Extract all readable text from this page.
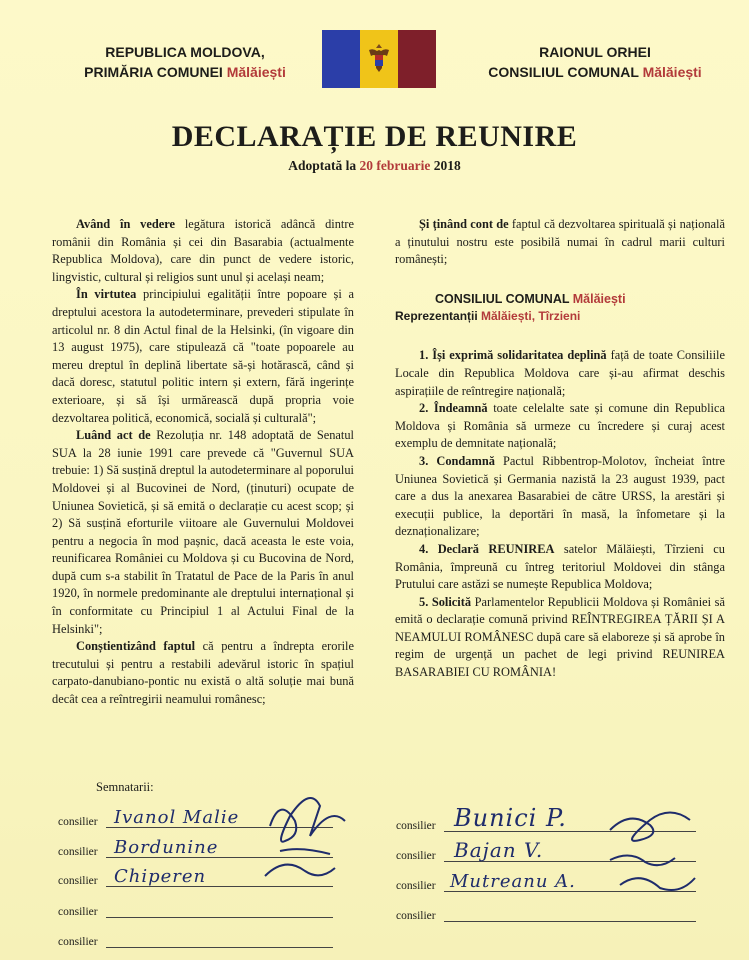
REPUBLICA MOLDOVA,
PRIMĂRIA COMUNEI Mălăiești
RAIONUL ORHEI
CONSILIUL COMUNAL Mălăiești
DECLARAȚIE DE REUNIRE
Adoptată la 20 februarie 2018

Având în vedere legătura istorică adâncă dintre românii din România și cei din Basarabia (actualmente Republica Moldova), care din punct de vedere istoric, lingvistic, cultural și religios sunt unul și același neam;

În virtutea principiului egalității între popoare și a dreptului acestora la autodeterminare, prevederi stipulate în articolul nr. 8 din Actul final de la Helsinki, (în vigoare din 13 august 1975), care stipulează că "toate popoarele au mereu dreptul în deplină libertate să-și hotărască, când și dacă doresc, statutul politic intern și extern, fără ingerințe exterioare, și să își urmărească după propria voie dezvoltarea politică, economică, socială și culturală";

Luând act de Rezoluția nr. 148 adoptată de Senatul SUA la 28 iunie 1991 care prevede că "Guvernul SUA trebuie: 1) Să susțină dreptul la autodeterminare al poporului Moldovei și al Bucovinei de Nord, (ținuturi) ocupate de Uniunea Sovietică, și să emită o declarație cu acest scop; și 2) Să susțină eforturile viitoare ale Guvernului Moldovei pentru a negocia în mod pașnic, dacă aceasta le este voia, reunificarea României cu Moldova și cu Bucovina de Nord, după cum s-a stabilit în Tratatul de Pace de la Paris în anul 1920, în normele predominante ale dreptului internațional și în conformitate cu Principiul 1 al Actului Final de la Helsinki";

Conștientizând faptul că pentru a îndrepta erorile trecutului și pentru a restabili adevărul istoric în spațiul carpato-danubiano-pontic nu există o altă soluție mai bună decât cea a reîntregirii neamului românesc;

Și ținând cont de faptul că dezvoltarea spirituală și națională a ținutului nostru este posibilă numai în cadrul marii culturi românești;

CONSILIUL COMUNAL Mălăiești

Reprezentanții Mălăiești, Tîrzieni

1. Își exprimă solidaritatea deplină față de toate Consiliile Locale din Republica Moldova care și-au afirmat deschis aspirațiile de reîntregire națională;

2. Îndeamnă toate celelalte sate și comune din Republica Moldova și România să urmeze cu încredere și curaj acest exemplu de demnitate națională;

3. Condamnă Pactul Ribbentrop-Molotov, încheiat între Uniunea Sovietică și Germania nazistă la 23 august 1939, pact care a dus la anexarea Basarabiei de către URSS, la arestări și execuții publice, la deportări în masă, la înfometare și la deznaționalizare;

4. Declară REUNIREA satelor Mălăiești, Tîrzieni cu România, împreună cu întreg teritoriul Moldovei din stânga Prutului care astăzi se numește Republica Moldova;

5. Solicită Parlamentelor Republicii Moldova și României să emită o declarație comună privind REÎNTREGIREA ȚĂRII ȘI A NEAMULUI ROMÂNESC după care să elaboreze și să aprobe în regim de urgență un pachet de legi privind REUNIREA BASARABIEI CU ROMÂNIA!

Semnatarii:
consilier Ivanol Malie
consilier Bordunine
consilier Chiperen
consilier
consilier
consilier Bunici P.
consilier Bajan V.
consilier Mutreanu A.
consilier
